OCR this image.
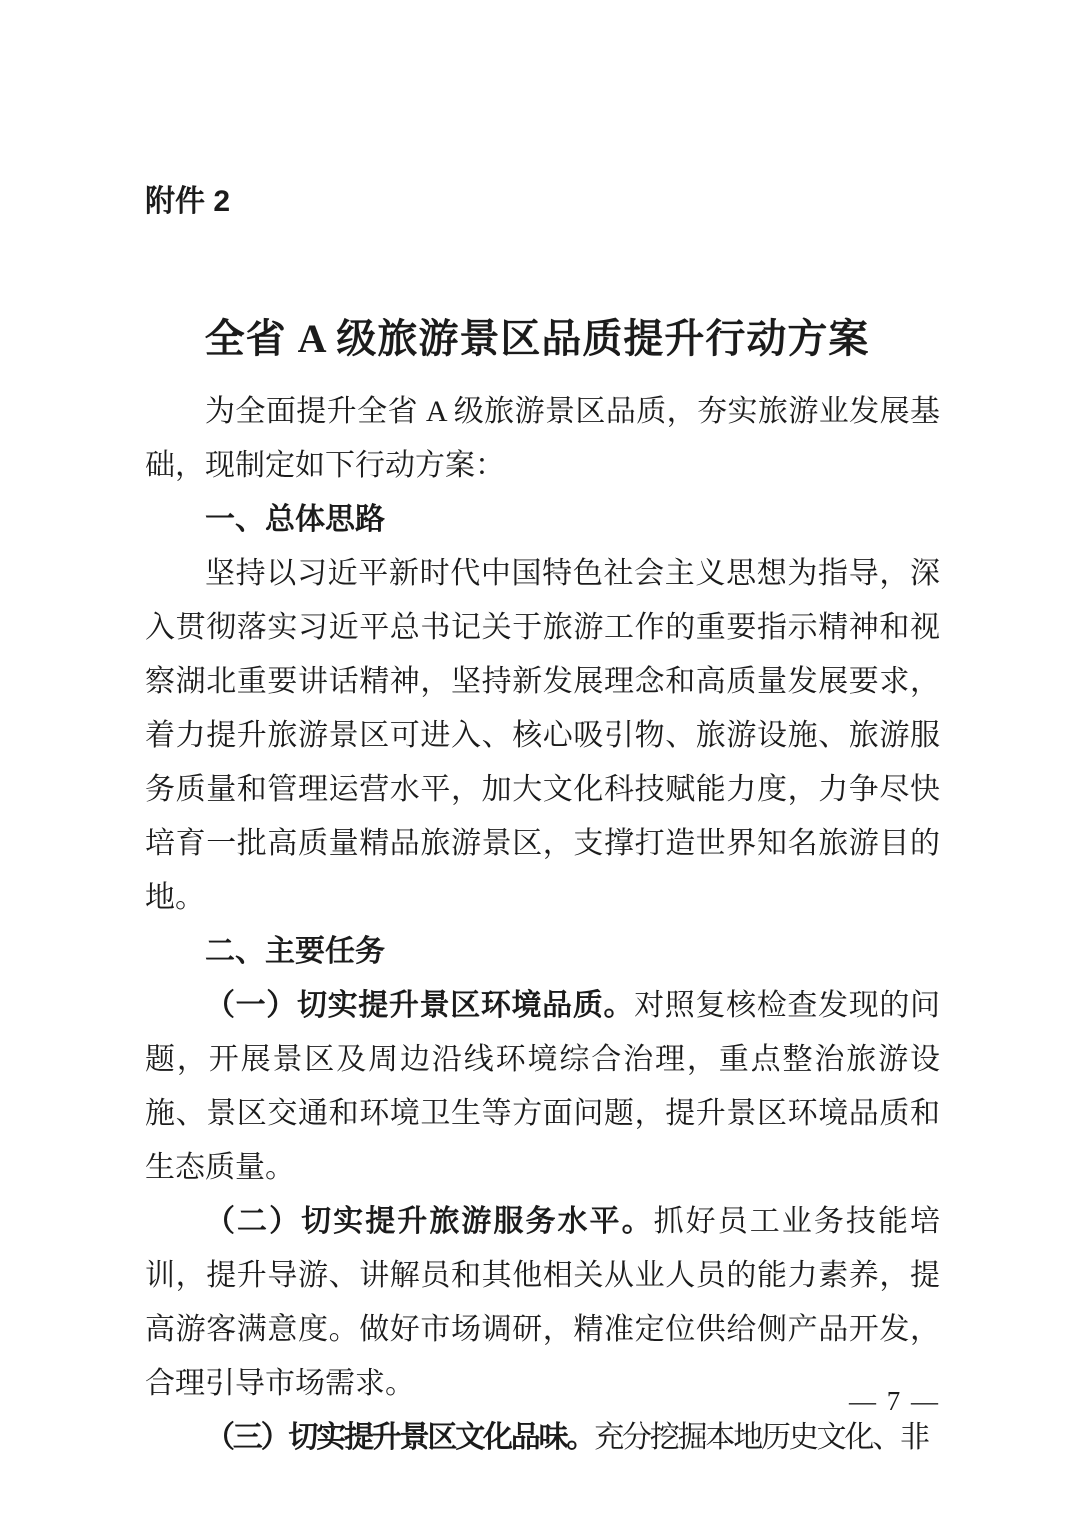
附件 2
全省 A 级旅游景区品质提升行动方案

为全面提升全省 A 级旅游景区品质，夯实旅游业发展基础，现制定如下行动方案：

一、总体思路

坚持以习近平新时代中国特色社会主义思想为指导，深入贯彻落实习近平总书记关于旅游工作的重要指示精神和视察湖北重要讲话精神，坚持新发展理念和高质量发展要求，着力提升旅游景区可进入、核心吸引物、旅游设施、旅游服务质量和管理运营水平，加大文化科技赋能力度，力争尽快培育一批高质量精品旅游景区，支撑打造世界知名旅游目的地。

二、主要任务

（一）切实提升景区环境品质。对照复核检查发现的问题，开展景区及周边沿线环境综合治理，重点整治旅游设施、景区交通和环境卫生等方面问题，提升景区环境品质和生态质量。

（二）切实提升旅游服务水平。抓好员工业务技能培训，提升导游、讲解员和其他相关从业人员的能力素养，提高游客满意度。做好市场调研，精准定位供给侧产品开发，合理引导市场需求。

（三）切实提升景区文化品味。充分挖掘本地历史文化、非

— 7 —
